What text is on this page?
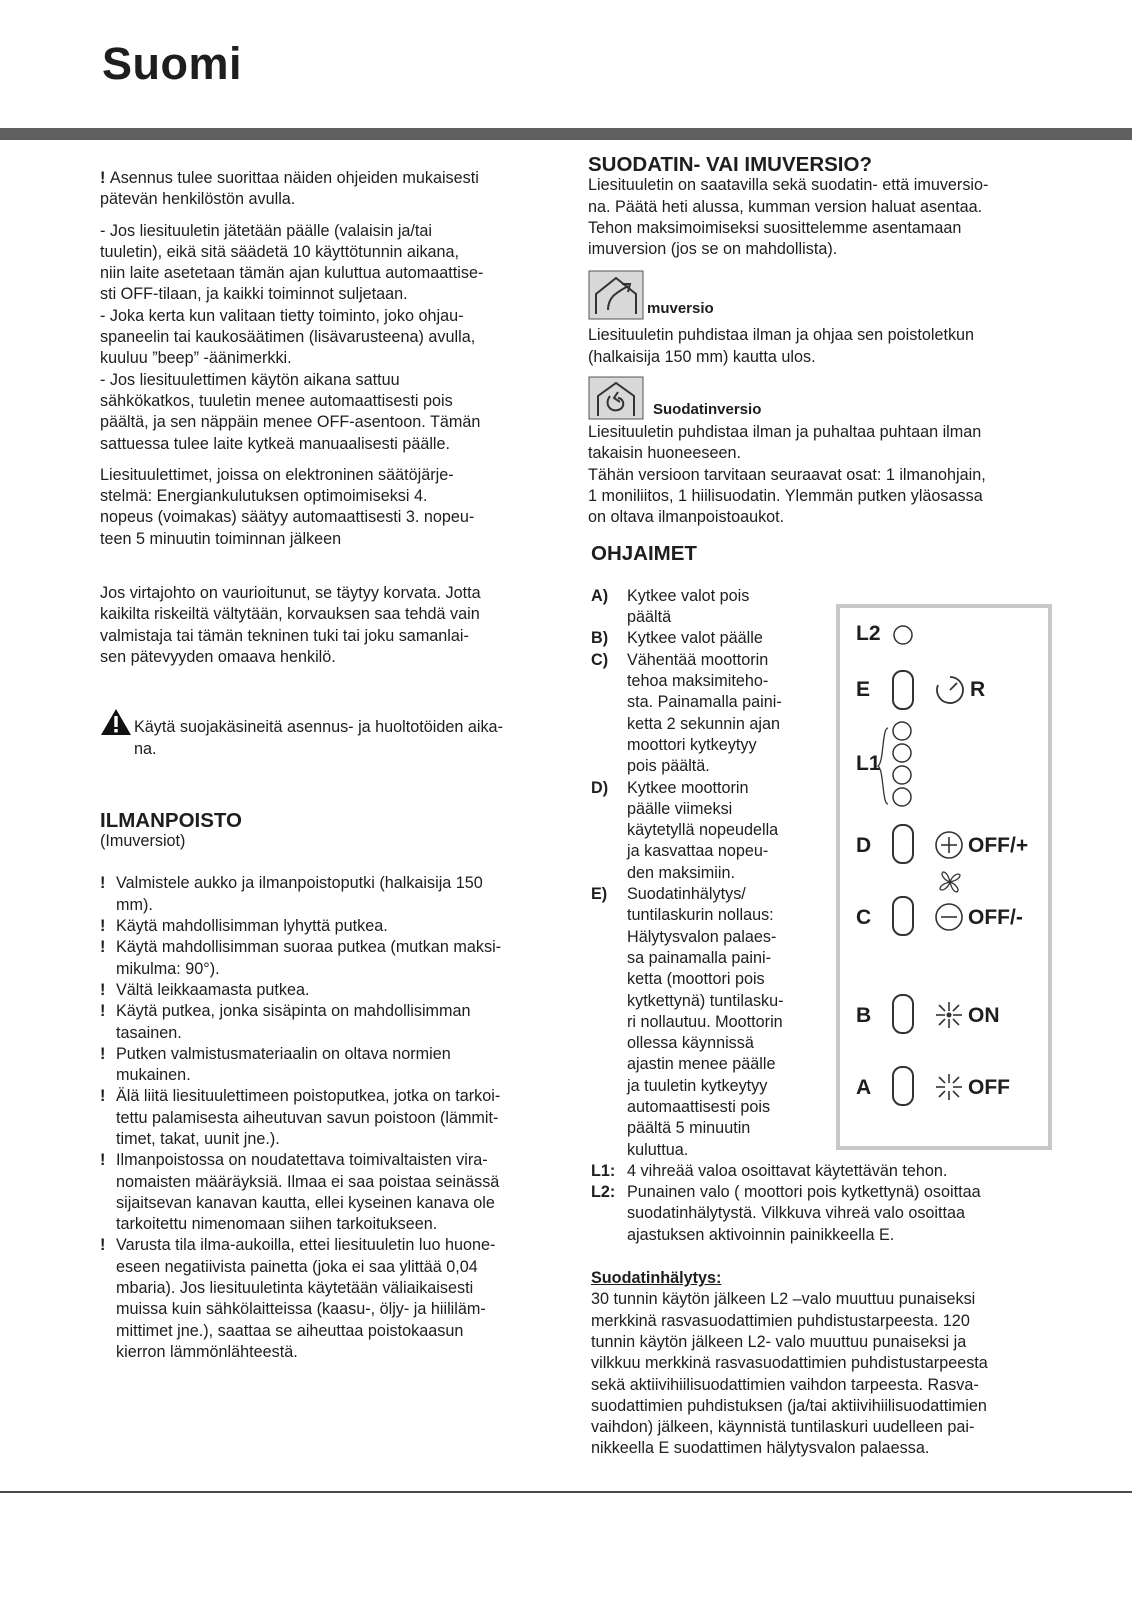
Suomi

! Asennus tulee suorittaa näiden ohjeiden mukaisesti pätevän henkilöstön avulla.

- Jos liesituuletin jätetään päälle (valaisin ja/tai
tuuletin), eikä sitä säädetä 10 käyttötunnin aikana,
niin laite asetetaan tämän ajan kuluttua automaattise-
sti OFF-tilaan, ja kaikki toiminnot suljetaan.
- Joka kerta kun valitaan tietty toiminto, joko ohjau-
spaneelin tai kaukosäätimen (lisävarusteena) avulla,
kuuluu ”beep” -äänimerkki.
- Jos liesituulettimen käytön aikana sattuu
sähkökatkos, tuuletin menee automaattisesti pois
päältä, ja sen näppäin menee OFF-asentoon. Tämän
sattuessa tulee laite kytkeä manuaalisesti päälle.
Liesituulettimet, joissa on elektroninen säätöjärje-
stelmä: Energiankulutuksen optimoimiseksi 4.
nopeus (voimakas) säätyy automaattisesti 3. nopeu-
teen 5 minuutin toiminnan jälkeen
Jos virtajohto on vaurioitunut, se täytyy korvata. Jotta
kaikilta riskeiltä vältytään, korvauksen saa tehdä vain
valmistaja tai tämän tekninen tuki tai joku samanlai-
sen pätevyyden omaava henkilö.
Käytä suojakäsineitä asennus- ja huoltotöiden aika-
na.
ILMANPOISTO

(Imuversiot)

! Valmistele aukko ja ilmanpoistoputki (halkaisija 150
mm).
! Käytä mahdollisimman lyhyttä putkea.
! Käytä mahdollisimman suoraa putkea (mutkan maksi-
mikulma: 90°).
! Vältä leikkaamasta putkea.
! Käytä putkea, jonka sisäpinta on mahdollisimman
tasainen.
! Putken valmistusmateriaalin on oltava normien
mukainen.
! Älä liitä liesituulettimeen poistoputkea, jotka on tarkoi-
tettu palamisesta aiheutuvan savun poistoon (lämmit-
timet, takat, uunit jne.).
! Ilmanpoistossa on noudatettava toimivaltaisten vira-
nomaisten määräyksiä. Ilmaa ei saa poistaa seinässä
sijaitsevan kanavan kautta, ellei kyseinen kanava ole
tarkoitettu nimenomaan siihen tarkoitukseen.
! Varusta tila ilma-aukoilla, ettei liesituuletin luo huone-
eseen negatiivista painetta (joka ei saa ylittää 0,04
mbaria). Jos liesituuletinta käytetään väliaikaisesti
muissa kuin sähkölaitteissa (kaasu-, öljy- ja hiililäm-
mittimet jne.), saattaa se aiheuttaa poistokaasun
kierron lämmönlähteestä.
SUODATIN- VAI IMUVERSIO?
Liesituuletin on saatavilla sekä suodatin- että imuversio-
na. Päätä heti alussa, kumman version haluat asentaa.
Tehon maksimoimiseksi suosittelemme asentamaan
imuversion (jos se on mahdollista).
muversio
Liesituuletin puhdistaa ilman ja ohjaa sen poistoletkun
(halkaisija 150 mm) kautta ulos.
Suodatinversio
Liesituuletin puhdistaa ilman ja puhaltaa puhtaan ilman
takaisin huoneeseen.
Tähän versioon tarvitaan seuraavat osat: 1 ilmanohjain,
1 moniliitos, 1 hiilisuodatin. Ylemmän putken yläosassa
on oltava ilmanpoistoaukot.
OHJAIMET
A)	Kytkee valot pois
päältä
B)	Kytkee valot päälle
C)	Vähentää moottorin
tehoa maksimiteho-
sta. Painamalla paini-
ketta 2 sekunnin ajan
moottori kytkeytyy
pois päältä.
D)	Kytkee moottorin
päälle viimeksi
käytetyllä nopeudella
ja kasvattaa nopeu-
den maksimiin.
E)	Suodatinhälytys/
tuntilaskurin nollaus:
Hälytysvalon palaes-
sa painamalla paini-
ketta (moottori pois
kytkettynä) tuntilasku-
ri nollautuu. Moottorin
ollessa käynnissä
ajastin menee päälle
ja tuuletin kytkeytyy
automaattisesti pois
päältä 5 minuutin
kuluttua.
L1: 4 vihreää valoa osoittavat käytettävän tehon.
L2: Punainen valo ( moottori pois kytkettynä) osoittaa
suodatinhälytystä. Vilkkuva vihreä valo osoittaa
ajastuksen aktivoinnin painikkeella E.

Suodatinhälytys:

30 tunnin käytön jälkeen L2 –valo muuttuu punaiseksi
merkkinä rasvasuodattimien puhdistustarpeesta. 120
tunnin käytön jälkeen L2- valo muuttuu punaiseksi ja
vilkkuu merkkinä rasvasuodattimien puhdistustarpeesta
sekä aktiivihiilisuodattimien vaihdon tarpeesta. Rasva-
suodattimien puhdistuksen (ja/tai aktiivihiilisuodattimien
vaihdon) jälkeen, käynnistä tuntilaskuri uudelleen pai-
nikkeella E suodattimen hälytysvalon palaessa.
L2
E	R
L1
D	OFF/+
C	OFF/-
B	ON
A	OFF
